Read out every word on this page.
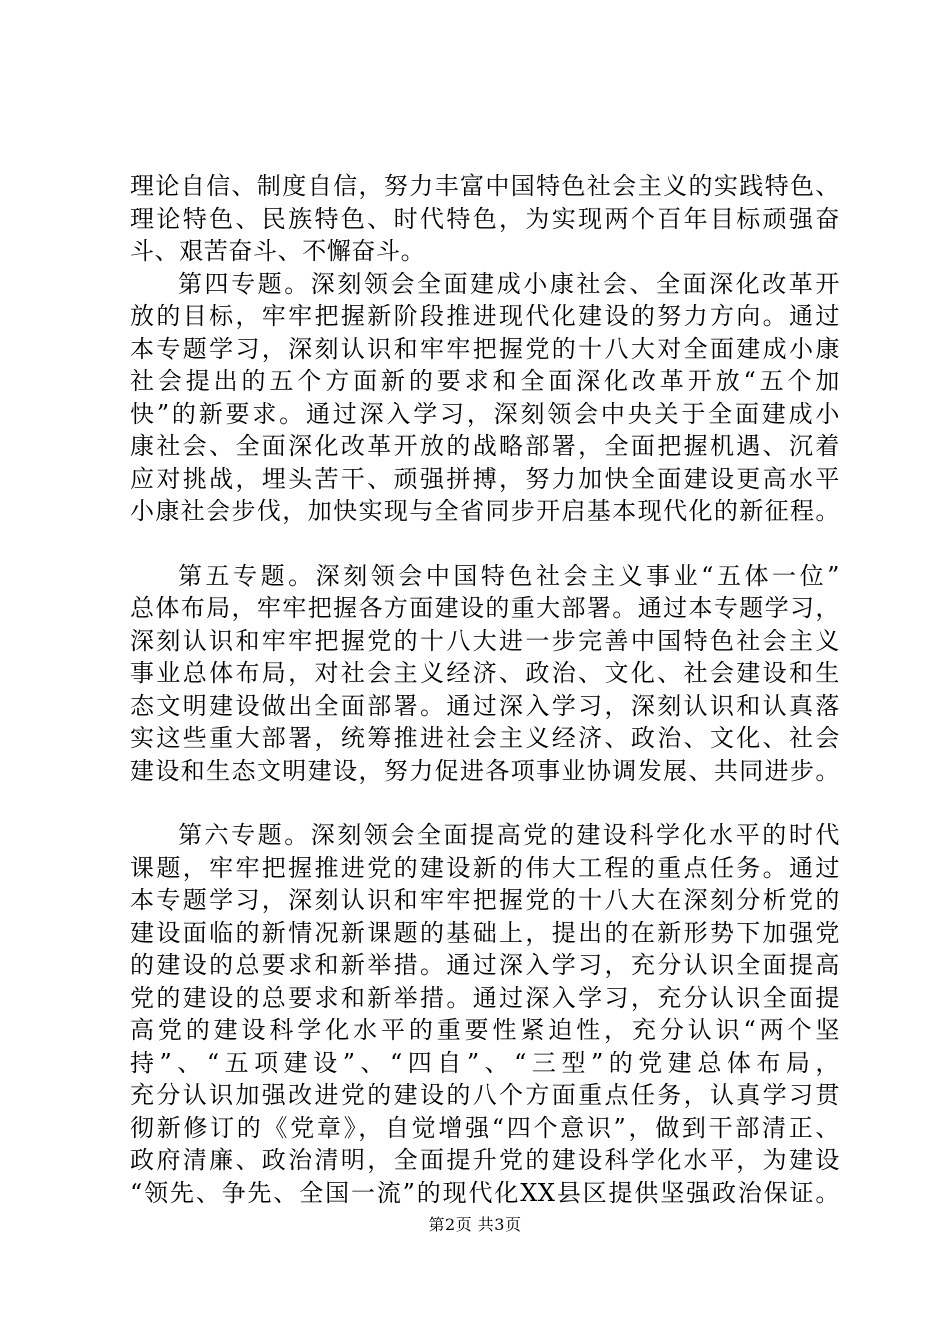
理论自信、制度自信，努力丰富中国特色社会主义的实践特色、
理论特色、民族特色、时代特色，为实现两个百年目标顽强奋
斗、艰苦奋斗、不懈奋斗。
第四专题。深刻领会全面建成小康社会、全面深化改革开
放的目标，牢牢把握新阶段推进现代化建设的努力方向。通过
本专题学习，深刻认识和牢牢把握党的十八大对全面建成小康
社会提出的五个方面新的要求和全面深化改革开放“五个加
快”的新要求。通过深入学习，深刻领会中央关于全面建成小
康社会、全面深化改革开放的战略部署，全面把握机遇、沉着
应对挑战，埋头苦干、顽强拼搏，努力加快全面建设更高水平
小康社会步伐，加快实现与全省同步开启基本现代化的新征程。
第五专题。深刻领会中国特色社会主义事业“五体一位”
总体布局，牢牢把握各方面建设的重大部署。通过本专题学习，
深刻认识和牢牢把握党的十八大进一步完善中国特色社会主义
事业总体布局，对社会主义经济、政治、文化、社会建设和生
态文明建设做出全面部署。通过深入学习，深刻认识和认真落
实这些重大部署，统筹推进社会主义经济、政治、文化、社会
建设和生态文明建设，努力促进各项事业协调发展、共同进步。
第六专题。深刻领会全面提高党的建设科学化水平的时代
课题，牢牢把握推进党的建设新的伟大工程的重点任务。通过
本专题学习，深刻认识和牢牢把握党的十八大在深刻分析党的
建设面临的新情况新课题的基础上，提出的在新形势下加强党
的建设的总要求和新举措。通过深入学习，充分认识全面提高
党的建设的总要求和新举措。通过深入学习，充分认识全面提
高党的建设科学化水平的重要性紧迫性，充分认识“两个坚
持”、“五项建设”、“四自”、“三型”的党建总体布局，
充分认识加强改进党的建设的八个方面重点任务，认真学习贯
彻新修订的《党章》，自觉增强“四个意识”，做到干部清正、
政府清廉、政治清明，全面提升党的建设科学化水平，为建设
“领先、争先、全国一流”的现代化XX县区提供坚强政治保证。
第2页 共3页
